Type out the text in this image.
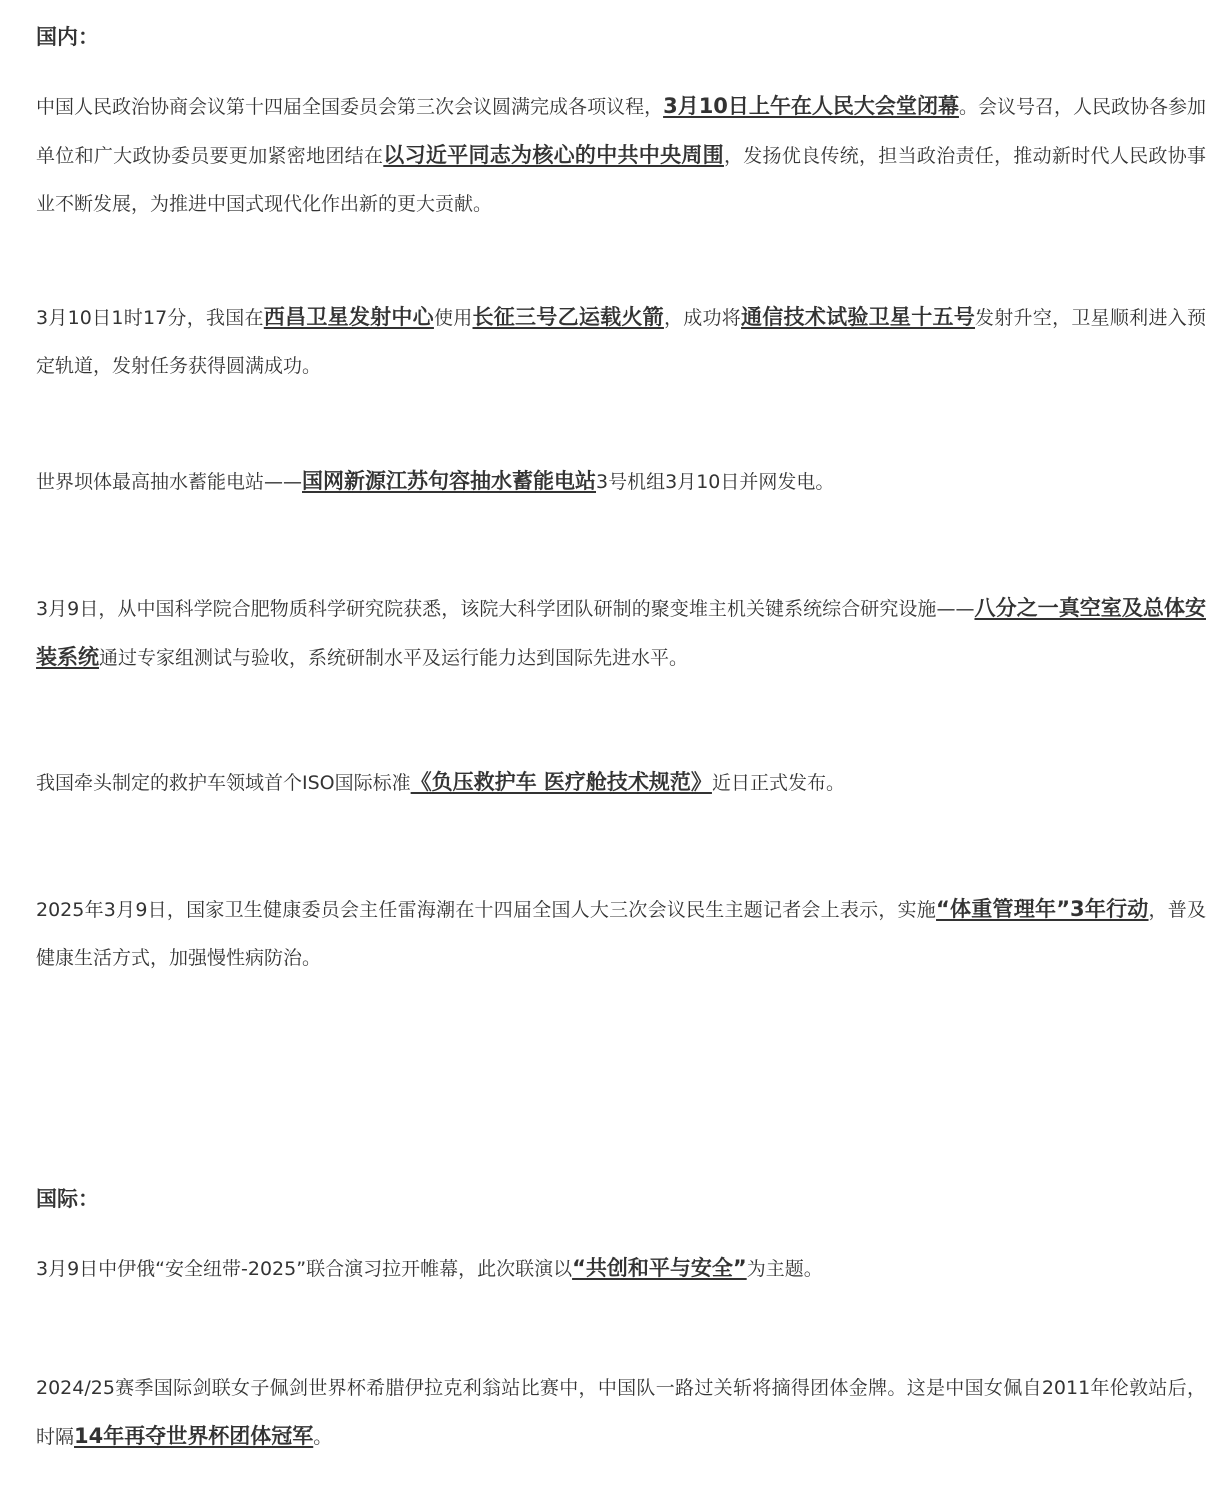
国内：

中国人民政治协商会议第十四届全国委员会第三次会议圆满完成各项议程，3月10日上午在人民大会堂闭幕。会议号召，人民政协各参加单位和广大政协委员要更加紧密地团结在以习近平同志为核心的中共中央周围，发扬优良传统，担当政治责任，推动新时代人民政协事业不断发展，为推进中国式现代化作出新的更大贡献。

3月10日1时17分，我国在西昌卫星发射中心使用长征三号乙运载火箭，成功将通信技术试验卫星十五号发射升空，卫星顺利进入预定轨道，发射任务获得圆满成功。

世界坝体最高抽水蓄能电站——国网新源江苏句容抽水蓄能电站3号机组3月10日并网发电。

3月9日，从中国科学院合肥物质科学研究院获悉，该院大科学团队研制的聚变堆主机关键系统综合研究设施——八分之一真空室及总体安装系统通过专家组测试与验收，系统研制水平及运行能力达到国际先进水平。

我国牵头制定的救护车领域首个ISO国际标准《负压救护车 医疗舱技术规范》近日正式发布。

2025年3月9日，国家卫生健康委员会主任雷海潮在十四届全国人大三次会议民生主题记者会上表示，实施“体重管理年”3年行动，普及健康生活方式，加强慢性病防治。

国际：

3月9日中伊俄“安全纽带-2025”联合演习拉开帷幕，此次联演以“共创和平与安全”为主题。

2024/25赛季国际剑联女子佩剑世界杯希腊伊拉克利翁站比赛中，中国队一路过关斩将摘得团体金牌。这是中国女佩自2011年伦敦站后，时隔14年再夺世界杯团体冠军。
